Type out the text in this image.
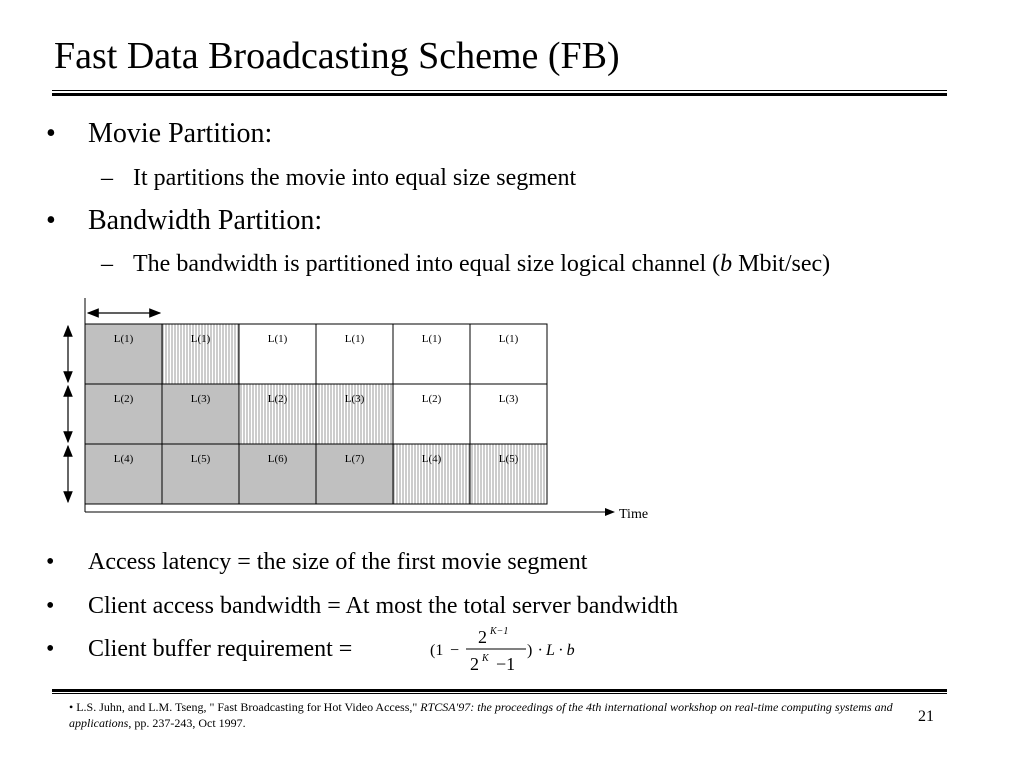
Fast Data Broadcasting Scheme (FB)
• Movie Partition:
– It partitions the movie into equal size segment
• Bandwidth Partition:
– The bandwidth is partitioned into equal size logical channel (b Mbit/sec)
L(1)	L(1)	L(1)	L(1)	L(1)	L(1)
L(2)	L(3)	L(2)	L(3)	L(2)	L(3)
L(4)	L(5)	L(6)	L(7)	L(4)	L(5)
Time
• Access latency = the size of the first movie segment
• Client access bandwidth = At most the total server bandwidth
• Client buffer requirement =	(1 −
2 K−1
2 K −1
) · L · b
• L.S. Juhn, and L.M. Tseng, " Fast Broadcasting for Hot Video Access," RTCSA'97: the proceedings of the 4th international workshop on real-time computing systems and applications, pp. 237-243, Oct 1997.	21
